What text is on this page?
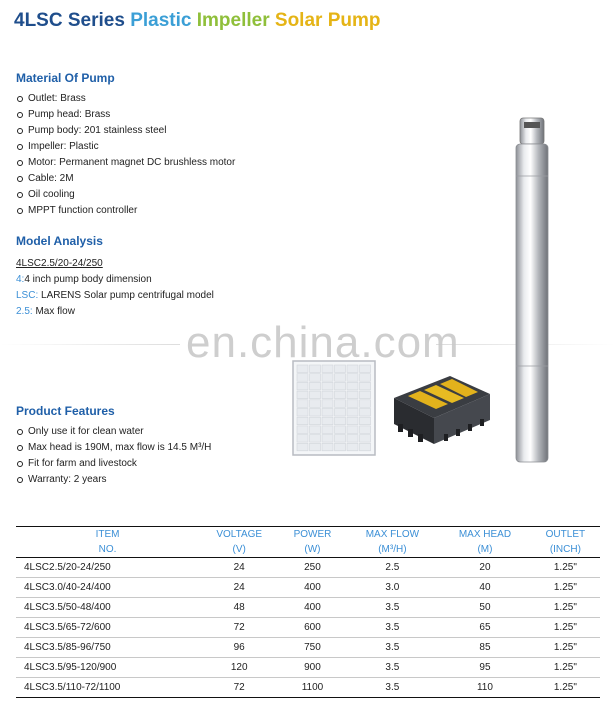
4LSC Series Plastic Impeller Solar Pump
Material Of Pump
Outlet: Brass
Pump head: Brass
Pump body: 201 stainless steel
Impeller: Plastic
Motor: Permanent magnet DC brushless motor
Cable: 2M
Oil cooling
MPPT function controller
Model Analysis
4LSC2.5/20-24/250
4:4 inch pump body dimension
LSC: LARENS Solar pump centrifugal model
2.5: Max flow
en.china.com
Product Features
Only use it for clean water
Max head is 190M, max flow is 14.5 M³/H
Fit for farm and livestock
Warranty: 2 years
ITEM	VOLTAGE	POWER	MAX FLOW	MAX HEAD	OUTLET
NO.	(V)	(W)	(M³/H)	(M)	(INCH)
4LSC2.5/20-24/250	24	250	2.5	20	1.25"
4LSC3.0/40-24/400	24	400	3.0	40	1.25"
4LSC3.5/50-48/400	48	400	3.5	50	1.25"
4LSC3.5/65-72/600	72	600	3.5	65	1.25"
4LSC3.5/85-96/750	96	750	3.5	85	1.25"
4LSC3.5/95-120/900	120	900	3.5	95	1.25"
4LSC3.5/110-72/1100	72	1100	3.5	110	1.25"
